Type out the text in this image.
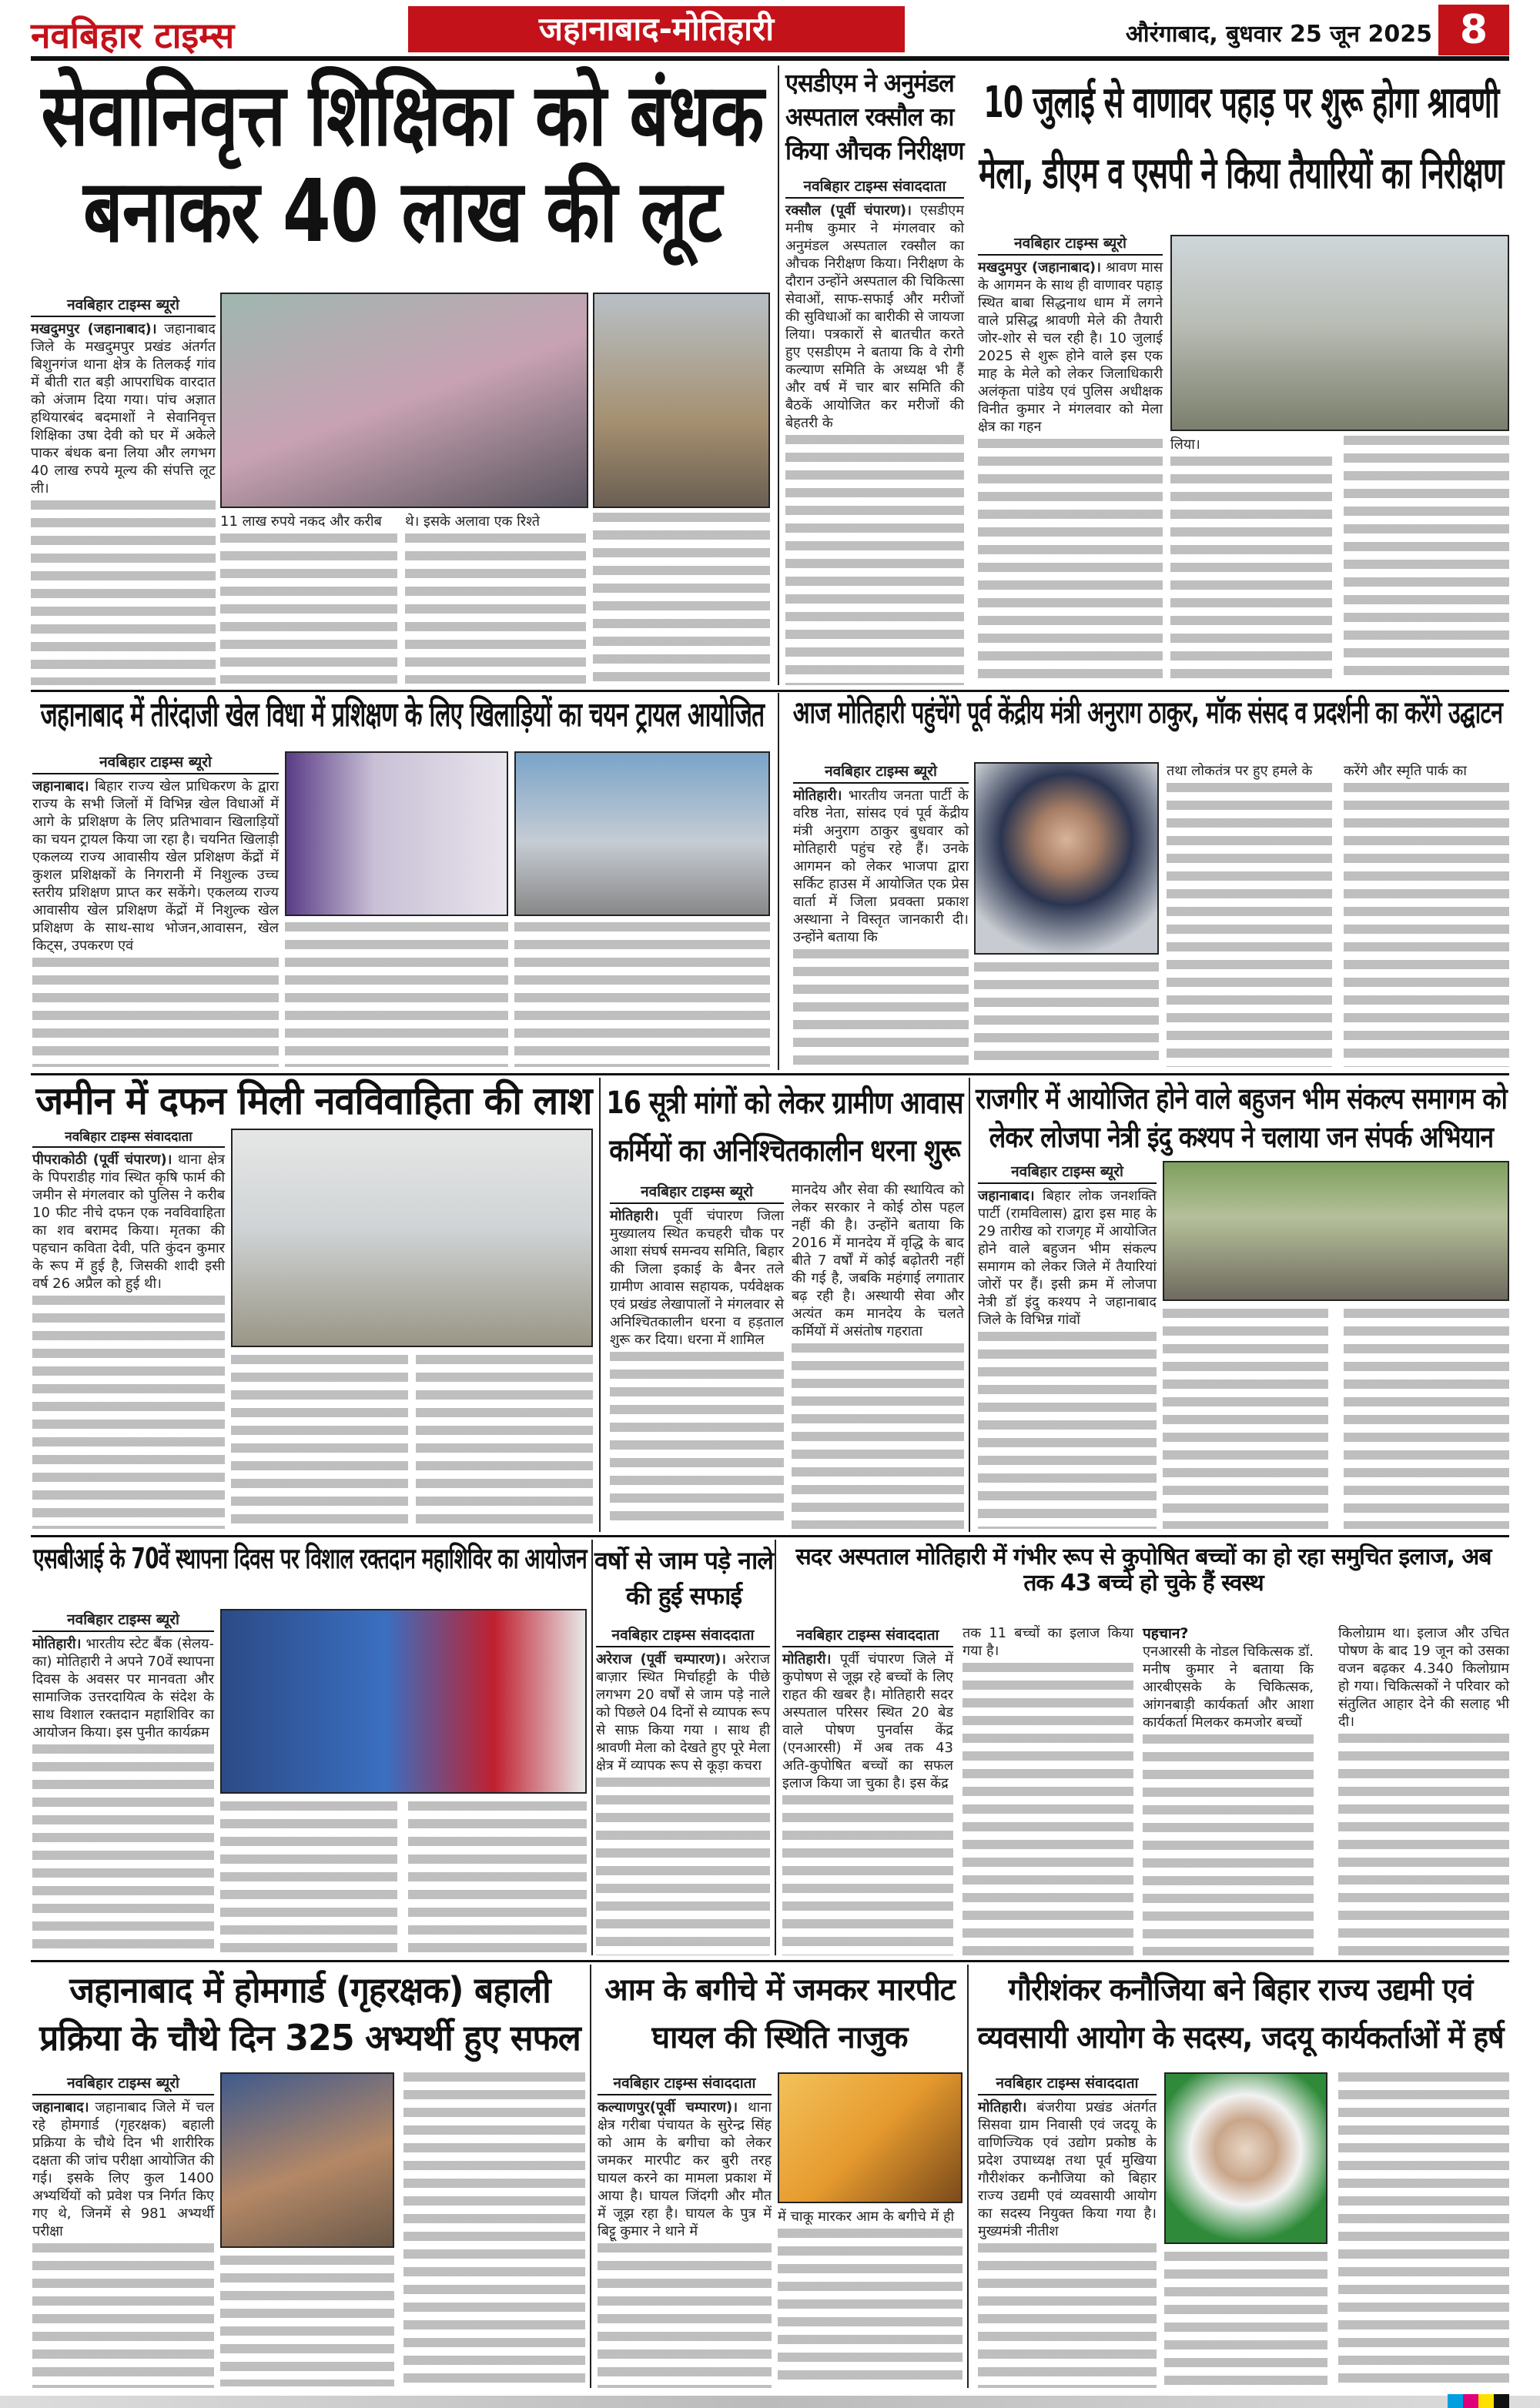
नवबिहार टाइम्स	जहानाबाद-मोतिहारी	औरंगाबाद, बुधवार 25 जून 2025 8
सेवानिवृत्त शिक्षिका को बंधक बनाकर 40 लाख की लूट
नवबिहार टाइम्स ब्यूरो
मखदुमपुर (जहानाबाद)। जहानाबाद जिले के मखदुमपुर प्रखंड अंतर्गत बिशुनगंज थाना क्षेत्र के तिलकई गांव में बीती रात बड़ी आपराधिक वारदात को अंजाम दिया गया। पांच अज्ञात हथियारबंद बदमाशों ने सेवानिवृत्त शिक्षिका उषा देवी को घर में अकेले पाकर बंधक बना लिया और लगभग 40 लाख रुपये मूल्य की संपत्ति लूट ली।
11 लाख रुपये नकद और करीब	थे। इसके अलावा एक रिश्ते
एसडीएम ने अनुमंडल अस्पताल रक्सौल का किया औचक निरीक्षण
नवबिहार टाइम्स संवाददाता
रक्सौल (पूर्वी चंपारण)। एसडीएम मनीष कुमार ने मंगलवार को अनुमंडल अस्पताल रक्सौल का औचक निरीक्षण किया। निरीक्षण के दौरान उन्होंने अस्पताल की चिकित्सा सेवाओं, साफ-सफाई और मरीजों की सुविधाओं का बारीकी से जायजा लिया। पत्रकारों से बातचीत करते हुए एसडीएम ने बताया कि वे रोगी कल्याण समिति के अध्यक्ष भी हैं और वर्ष में चार बार समिति की बैठकें आयोजित कर मरीजों की बेहतरी के
10 जुलाई से वाणावर पहाड़ पर शुरू होगा श्रावणी मेला, डीएम व एसपी ने किया तैयारियों का निरीक्षण
नवबिहार टाइम्स ब्यूरो
मखदुमपुर (जहानाबाद)। श्रावण मास के आगमन के साथ ही वाणावर पहाड़ स्थित बाबा सिद्धनाथ धाम में लगने वाले प्रसिद्ध श्रावणी मेले की तैयारी जोर-शोर से चल रही है। 10 जुलाई 2025 से शुरू होने वाले इस एक माह के मेले को लेकर जिलाधिकारी अलंकृता पांडेय एवं पुलिस अधीक्षक विनीत कुमार ने मंगलवार को मेला क्षेत्र का गहन
लिया।
जहानाबाद में तीरंदाजी खेल विधा में प्रशिक्षण के लिए खिलाड़ियों का चयन ट्रायल आयोजित
नवबिहार टाइम्स ब्यूरो
जहानाबाद। बिहार राज्य खेल प्राधिकरण के द्वारा राज्य के सभी जिलों में विभिन्न खेल विधाओं में आगे के प्रशिक्षण के लिए प्रतिभावान खिलाड़ियों का चयन ट्रायल किया जा रहा है। चयनित खिलाड़ी एकलव्य राज्य आवासीय खेल प्रशिक्षण केंद्रों में कुशल प्रशिक्षकों के निगरानी में निशुल्क उच्च स्तरीय प्रशिक्षण प्राप्त कर सकेंगे। एकलव्य राज्य आवासीय खेल प्रशिक्षण केंद्रों में निशुल्क खेल प्रशिक्षण के साथ-साथ भोजन,आवासन, खेल किट्स, उपकरण एवं
आज मोतिहारी पहुंचेंगे पूर्व केंद्रीय मंत्री अनुराग ठाकुर, मॉक संसद व प्रदर्शनी का करेंगे उद्घाटन
नवबिहार टाइम्स ब्यूरो
मोतिहारी। भारतीय जनता पार्टी के वरिष्ठ नेता, सांसद एवं पूर्व केंद्रीय मंत्री अनुराग ठाकुर बुधवार को मोतिहारी पहुंच रहे हैं। उनके आगमन को लेकर भाजपा द्वारा सर्किट हाउस में आयोजित एक प्रेस वार्ता में जिला प्रवक्ता प्रकाश अस्थाना ने विस्तृत जानकारी दी। उन्होंने बताया कि
तथा लोकतंत्र पर हुए हमले के	करेंगे और स्मृति पार्क का
जमीन में दफन मिली नवविवाहिता की लाश
नवबिहार टाइम्स संवाददाता
पीपराकोठी (पूर्वी चंपारण)। थाना क्षेत्र के पिपराडीह गांव स्थित कृषि फार्म की जमीन से मंगलवार को पुलिस ने करीब 10 फीट नीचे दफन एक नवविवाहिता का शव बरामद किया। मृतका की पहचान कविता देवी, पति कुंदन कुमार के रूप में हुई है, जिसकी शादी इसी वर्ष 26 अप्रैल को हुई थी।
16 सूत्री मांगों को लेकर ग्रामीण आवास कर्मियों का अनिश्चितकालीन धरना शुरू
नवबिहार टाइम्स ब्यूरो
मोतिहारी। पूर्वी चंपारण जिला मुख्यालय स्थित कचहरी चौक पर आशा संघर्ष समन्वय समिति, बिहार की जिला इकाई के बैनर तले ग्रामीण आवास सहायक, पर्यवेक्षक एवं प्रखंड लेखापालों ने मंगलवार से अनिश्चितकालीन धरना व हड़ताल शुरू कर दिया। धरना में शामिल
मानदेय और सेवा की स्थायित्व को लेकर सरकार ने कोई ठोस पहल नहीं की है। उन्होंने बताया कि 2016 में मानदेय में वृद्धि के बाद बीते 7 वर्षों में कोई बढ़ोतरी नहीं की गई है, जबकि महंगाई लगातार बढ़ रही है। अस्थायी सेवा और अत्यंत कम मानदेय के चलते कर्मियों में असंतोष गहराता
राजगीर में आयोजित होने वाले बहुजन भीम संकल्प समागम को लेकर लोजपा नेत्री इंदु कश्यप ने चलाया जन संपर्क अभियान
नवबिहार टाइम्स ब्यूरो
जहानाबाद। बिहार लोक जनशक्ति पार्टी (रामविलास) द्वारा इस माह के 29 तारीख को राजगृह में आयोजित होने वाले बहुजन भीम संकल्प समागम को लेकर जिले में तैयारियां जोरों पर हैं। इसी क्रम में लोजपा नेत्री डॉ इंदु कश्यप ने जहानाबाद जिले के विभिन्न गांवों
एसबीआई के 70वें स्थापना दिवस पर विशाल रक्तदान महाशिविर का आयोजन
नवबिहार टाइम्स ब्यूरो
मोतिहारी। भारतीय स्टेट बैंक (सेलय-का) मोतिहारी ने अपने 70वें स्थापना दिवस के अवसर पर मानवता और सामाजिक उत्तरदायित्व के संदेश के साथ विशाल रक्तदान महाशिविर का आयोजन किया। इस पुनीत कार्यक्रम
वर्षो से जाम पड़े नाले की हुई सफाई
नवबिहार टाइम्स संवाददाता
अरेराज (पूर्वी चम्पारण)। अरेराज बाज़ार स्थित मिर्चाहट्टी के पीछे लगभग 20 वर्षों से जाम पड़े नाले को पिछले 04 दिनों से व्यापक रूप से साफ़ किया गया । साथ ही श्रावणी मेला को देखते हुए पूरे मेला क्षेत्र में व्यापक रूप से कूड़ा कचरा
सदर अस्पताल मोतिहारी में गंभीर रूप से कुपोषित बच्चों का हो रहा समुचित इलाज, अब तक 43 बच्चे हो चुके हैं स्वस्थ
नवबिहार टाइम्स संवाददाता
मोतिहारी। पूर्वी चंपारण जिले में कुपोषण से जूझ रहे बच्चों के लिए राहत की खबर है। मोतिहारी सदर अस्पताल परिसर स्थित 20 बेड वाले पोषण पुनर्वास केंद्र (एनआरसी) में अब तक 43 अति-कुपोषित बच्चों का सफल इलाज किया जा चुका है। इस केंद्र
तक 11 बच्चों का इलाज किया गया है।
पहचान?
एनआरसी के नोडल चिकित्सक डॉ. मनीष कुमार ने बताया कि आरबीएसके के चिकित्सक, आंगनबाड़ी कार्यकर्ता और आशा कार्यकर्ता मिलकर कमजोर बच्चों
किलोग्राम था। इलाज और उचित पोषण के बाद 19 जून को उसका वजन बढ़कर 4.340 किलोग्राम हो गया। चिकित्सकों ने परिवार को संतुलित आहार देने की सलाह भी दी।
जहानाबाद में होमगार्ड (गृहरक्षक) बहाली प्रक्रिया के चौथे दिन 325 अभ्यर्थी हुए सफल
नवबिहार टाइम्स ब्यूरो
जहानाबाद। जहानाबाद जिले में चल रहे होमगार्ड (गृहरक्षक) बहाली प्रक्रिया के चौथे दिन भी शारीरिक दक्षता की जांच परीक्षा आयोजित की गई। इसके लिए कुल 1400 अभ्यर्थियों को प्रवेश पत्र निर्गत किए गए थे, जिनमें से 981 अभ्यर्थी परीक्षा
आम के बगीचे में जमकर मारपीट घायल की स्थिति नाजुक
नवबिहार टाइम्स संवाददाता
कल्याणपुर(पूर्वी चम्पारण)। थाना क्षेत्र गरीबा पंचायत के सुरेन्द्र सिंह को आम के बगीचा को लेकर जमकर मारपीट कर बुरी तरह घायल करने का मामला प्रकाश में आया है। घायल जिंदगी और मौत में जूझ रहा है। घायल के पुत्र में बिट्टू कुमार ने थाने में
में चाकू मारकर आम के बगीचे में ही
गौरीशंकर कनौजिया बने बिहार राज्य उद्यमी एवं व्यवसायी आयोग के सदस्य, जदयू कार्यकर्ताओं में हर्ष
नवबिहार टाइम्स संवाददाता
मोतिहारी। बंजरीया प्रखंड अंतर्गत सिसवा ग्राम निवासी एवं जदयू के वाणिज्यिक एवं उद्योग प्रकोष्ठ के प्रदेश उपाध्यक्ष तथा पूर्व मुखिया गौरीशंकर कनौजिया को बिहार राज्य उद्यमी एवं व्यवसायी आयोग का सदस्य नियुक्त किया गया है। मुख्यमंत्री नीतीश
